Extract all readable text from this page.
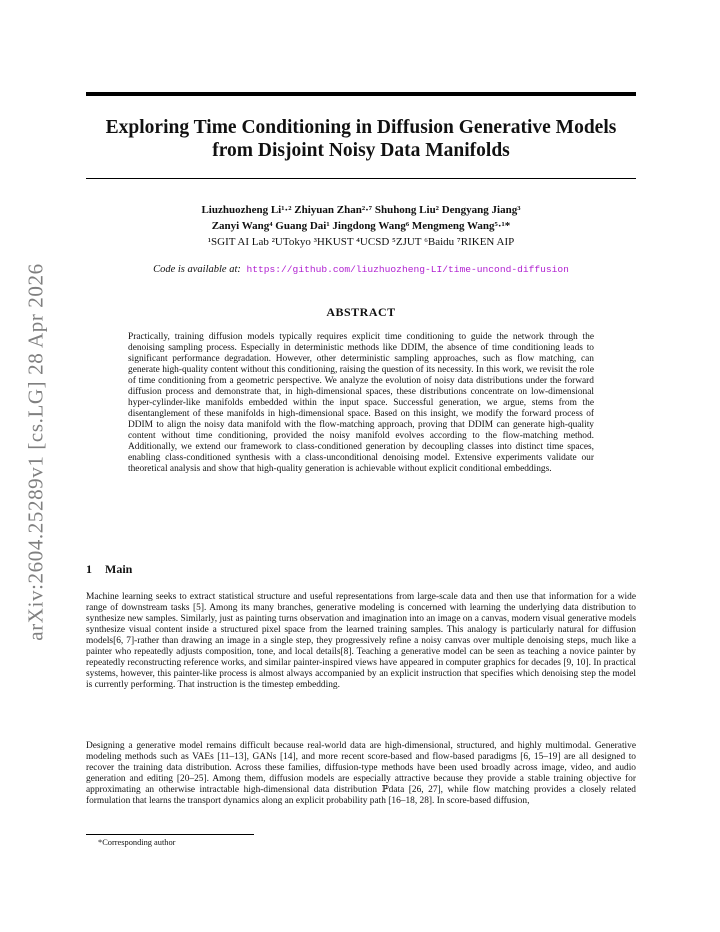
arXiv:2604.25289v1 [cs.LG] 28 Apr 2026
Exploring Time Conditioning in Diffusion Generative Models
from Disjoint Noisy Data Manifolds
Liuzhuozheng Li¹·² Zhiyuan Zhan²·⁷ Shuhong Liu² Dengyang Jiang³
Zanyi Wang⁴ Guang Dai¹ Jingdong Wang⁶ Mengmeng Wang⁵·¹*
¹SGIT AI Lab ²UTokyo ³HKUST ⁴UCSD ⁵ZJUT ⁶Baidu ⁷RIKEN AIP
Code is available at: https://github.com/liuzhuozheng-LI/time-uncond-diffusion
ABSTRACT
Practically, training diffusion models typically requires explicit time conditioning to guide the network through the denoising sampling process. Especially in deterministic methods like DDIM, the absence of time conditioning leads to significant performance degradation. However, other deterministic sampling approaches, such as flow matching, can generate high-quality content without this conditioning, raising the question of its necessity. In this work, we revisit the role of time conditioning from a geometric perspective. We analyze the evolution of noisy data distributions under the forward diffusion process and demonstrate that, in high-dimensional spaces, these distributions concentrate on low-dimensional hyper-cylinder-like manifolds embedded within the input space. Successful generation, we argue, stems from the disentanglement of these manifolds in high-dimensional space. Based on this insight, we modify the forward process of DDIM to align the noisy data manifold with the flow-matching approach, proving that DDIM can generate high-quality content without time conditioning, provided the noisy manifold evolves according to the flow-matching method. Additionally, we extend our framework to class-conditioned generation by decoupling classes into distinct time spaces, enabling class-conditioned synthesis with a class-unconditional denoising model. Extensive experiments validate our theoretical analysis and show that high-quality generation is achievable without explicit conditional embeddings.
1 Main
Machine learning seeks to extract statistical structure and useful representations from large-scale data and then use that information for a wide range of downstream tasks [5]. Among its many branches, generative modeling is concerned with learning the underlying data distribution to synthesize new samples. Similarly, just as painting turns observation and imagination into an image on a canvas, modern visual generative models synthesize visual content inside a structured pixel space from the learned training samples. This analogy is particularly natural for diffusion models[6, 7]-rather than drawing an image in a single step, they progressively refine a noisy canvas over multiple denoising steps, much like a painter who repeatedly adjusts composition, tone, and local details[8]. Teaching a generative model can be seen as teaching a novice painter by repeatedly reconstructing reference works, and similar painter-inspired views have appeared in computer graphics for decades [9, 10]. In practical systems, however, this painter-like process is almost always accompanied by an explicit instruction that specifies which denoising step the model is currently performing. That instruction is the timestep embedding.
Designing a generative model remains difficult because real-world data are high-dimensional, structured, and highly multimodal. Generative modeling methods such as VAEs [11–13], GANs [14], and more recent score-based and flow-based paradigms [6, 15–19] are all designed to recover the training data distribution. Across these families, diffusion-type methods have been used broadly across image, video, and audio generation and editing [20–25]. Among them, diffusion models are especially attractive because they provide a stable training objective for approximating an otherwise intractable high-dimensional data distribution ℙdata [26, 27], while flow matching provides a closely related formulation that learns the transport dynamics along an explicit probability path [16–18, 28]. In score-based diffusion,
*Corresponding author
